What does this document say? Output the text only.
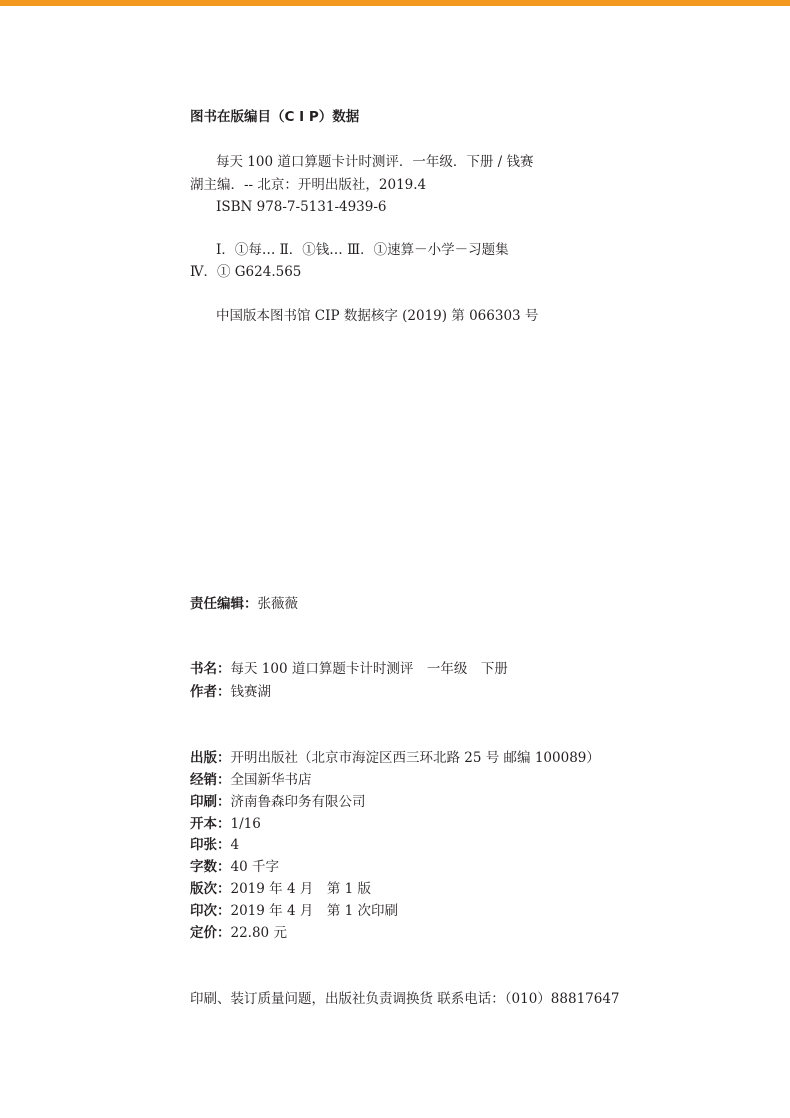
图书在版编目（C I P）数据
每天 100 道口算题卡计时测评．一年级．下册 / 钱赛
湖主编．-- 北京：开明出版社，2019.4
ISBN 978-7-5131-4939-6
Ⅰ．①每… Ⅱ．①钱… Ⅲ．①速算－小学－习题集
Ⅳ．① G624.565
中国版本图书馆 CIP 数据核字 (2019) 第 066303 号
责任编辑：张薇薇
书名：每天 100 道口算题卡计时测评　一年级　下册
作者：钱赛湖
出版：开明出版社（北京市海淀区西三环北路 25 号 邮编 100089）
经销：全国新华书店
印刷：济南鲁森印务有限公司
开本：1/16
印张：4
字数：40 千字
版次：2019 年 4 月　第 1 版
印次：2019 年 4 月　第 1 次印刷
定价：22.80 元
印刷、装订质量问题，出版社负责调换货 联系电话：（010）88817647
